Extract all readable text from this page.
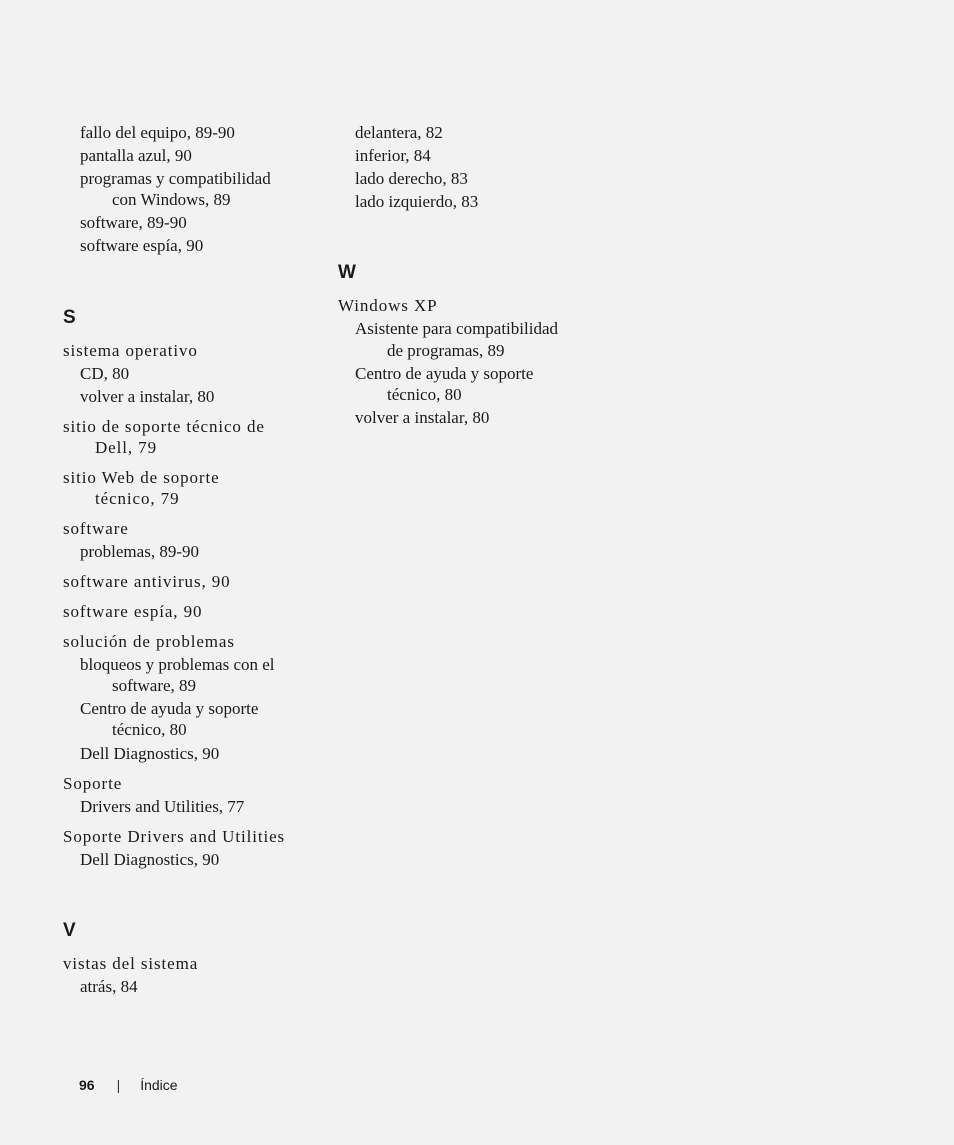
fallo del equipo, 89-90
pantalla azul, 90
programas y compatibilidad
con Windows, 89
software, 89-90
software espía, 90
S
sistema operativo
CD, 80
volver a instalar, 80
sitio de soporte técnico de
Dell, 79
sitio Web de soporte
técnico, 79
software
problemas, 89-90
software antivirus, 90
software espía, 90
solución de problemas
bloqueos y problemas con el
software, 89
Centro de ayuda y soporte
técnico, 80
Dell Diagnostics, 90
Soporte
Drivers and Utilities, 77
Soporte Drivers and Utilities
Dell Diagnostics, 90
V
vistas del sistema
atrás, 84
delantera, 82
inferior, 84
lado derecho, 83
lado izquierdo, 83
W
Windows XP
Asistente para compatibilidad
de programas, 89
Centro de ayuda y soporte
técnico, 80
volver a instalar, 80
96 | Índice
